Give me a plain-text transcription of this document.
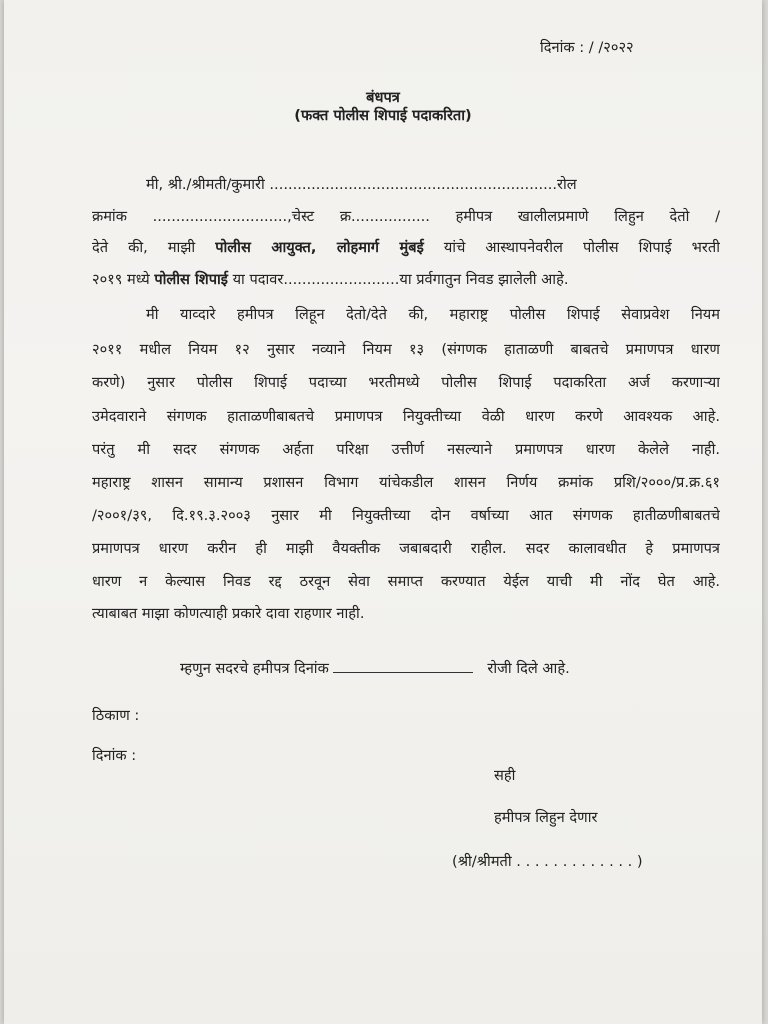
दिनांक : / /२०२२
बंधपत्र
(फक्त पोलीस शिपाई पदाकरिता)
मी, श्री./श्रीमती/कुमारी ..............................................................रोल
क्रमांक .............................,चेस्ट क्र................. हमीपत्र खालीलप्रमाणे लिहुन देतो /
देते की, माझी पोलीस आयुक्त, लोहमार्ग मुंबई यांचे आस्थापनेवरील पोलीस शिपाई भरती
२०१९ मध्ये पोलीस शिपाई या पदावर.........................या प्रर्वगातुन निवड झालेली आहे.
मी याव्दारे हमीपत्र लिहून देतो/देते की, महाराष्ट्र पोलीस शिपाई सेवाप्रवेश नियम
२०११ मधील नियम १२ नुसार नव्याने नियम १३ (संगणक हाताळणी बाबतचे प्रमाणपत्र धारण
करणे) नुसार पोलीस शिपाई पदाच्या भरतीमध्ये पोलीस शिपाई पदाकरिता अर्ज करणाऱ्या
उमेदवाराने संगणक हाताळणीबाबतचे प्रमाणपत्र नियुक्तीच्या वेळी धारण करणे आवश्यक आहे.
परंतु मी सदर संगणक अर्हता परिक्षा उत्तीर्ण नसल्याने प्रमाणपत्र धारण केलेले नाही.
महाराष्ट्र शासन सामान्य प्रशासन विभाग यांचेकडील शासन निर्णय क्रमांक प्रशि/२०००/प्र.क्र.६१
/२००१/३९, दि.१९.३.२००३ नुसार मी नियुक्तीच्या दोन वर्षाच्या आत संगणक हातीळणीबाबतचे
प्रमाणपत्र धारण करीन ही माझी वैयक्तीक जबाबदारी राहील. सदर कालावधीत हे प्रमाणपत्र
धारण न केल्यास निवड रद्द ठरवून सेवा समाप्त करण्यात येईल याची मी नोंद घेत आहे.
त्याबाबत माझा कोणत्याही प्रकारे दावा राहणार नाही.
म्हणुन सदरचे हमीपत्र दिनांक	रोजी दिले आहे.
ठिकाण :
दिनांक :
सही
हमीपत्र लिहुन देणार
(श्री/श्रीमती . . . . . . . . . . . . . )
